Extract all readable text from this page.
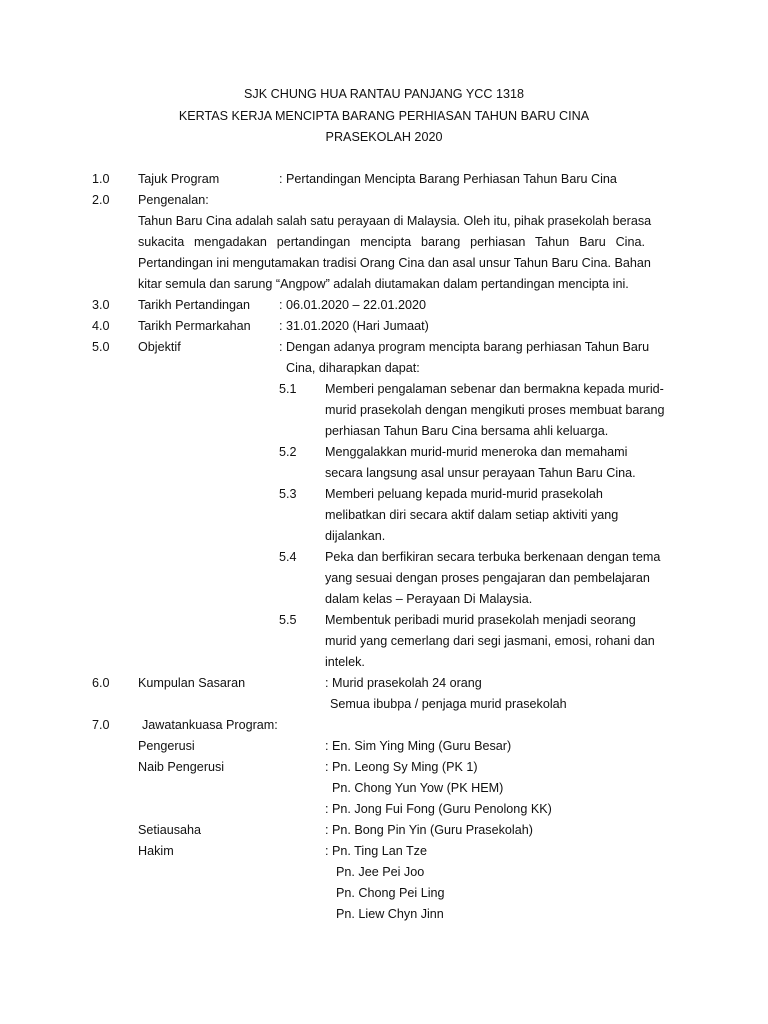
SJK CHUNG HUA RANTAU PANJANG YCC 1318
KERTAS KERJA MENCIPTA BARANG PERHIASAN TAHUN BARU CINA
PRASEKOLAH 2020
1.0 Tajuk Program	: Pertandingan Mencipta Barang Perhiasan Tahun Baru Cina
2.0 Pengenalan:
Tahun Baru Cina adalah salah satu perayaan di Malaysia. Oleh itu, pihak prasekolah berasa
sukacita mengadakan pertandingan mencipta barang perhiasan Tahun Baru Cina.
Pertandingan ini mengutamakan tradisi Orang Cina dan asal unsur Tahun Baru Cina. Bahan
kitar semula dan sarung “Angpow” adalah diutamakan dalam pertandingan mencipta ini.
3.0 Tarikh Pertandingan : 06.01.2020 – 22.01.2020
4.0 Tarikh Permarkahan : 31.01.2020 (Hari Jumaat)
5.0 Objektif	: Dengan adanya program mencipta barang perhiasan Tahun Baru
Cina, diharapkan dapat:
5.1 Memberi pengalaman sebenar dan bermakna kepada murid-
murid prasekolah dengan mengikuti proses membuat barang
perhiasan Tahun Baru Cina bersama ahli keluarga.
5.2 Menggalakkan murid-murid meneroka dan memahami
secara langsung asal unsur perayaan Tahun Baru Cina.
5.3 Memberi peluang kepada murid-murid prasekolah
melibatkan diri secara aktif dalam setiap aktiviti yang
dijalankan.
5.4 Peka dan berfikiran secara terbuka berkenaan dengan tema
yang sesuai dengan proses pengajaran dan pembelajaran
dalam kelas – Perayaan Di Malaysia.
5.5 Membentuk peribadi murid prasekolah menjadi seorang
murid yang cemerlang dari segi jasmani, emosi, rohani dan
intelek.
6.0 Kumpulan Sasaran	: Murid prasekolah 24 orang
Semua ibubpa / penjaga murid prasekolah
7.0	Jawatankuasa Program:
Pengerusi	: En. Sim Ying Ming (Guru Besar)
Naib Pengerusi	: Pn. Leong Sy Ming (PK 1)
Pn. Chong Yun Yow (PK HEM)
: Pn. Jong Fui Fong (Guru Penolong KK)
Setiausaha	: Pn. Bong Pin Yin (Guru Prasekolah)
Hakim	: Pn. Ting Lan Tze
Pn. Jee Pei Joo
Pn. Chong Pei Ling
Pn. Liew Chyn Jinn
